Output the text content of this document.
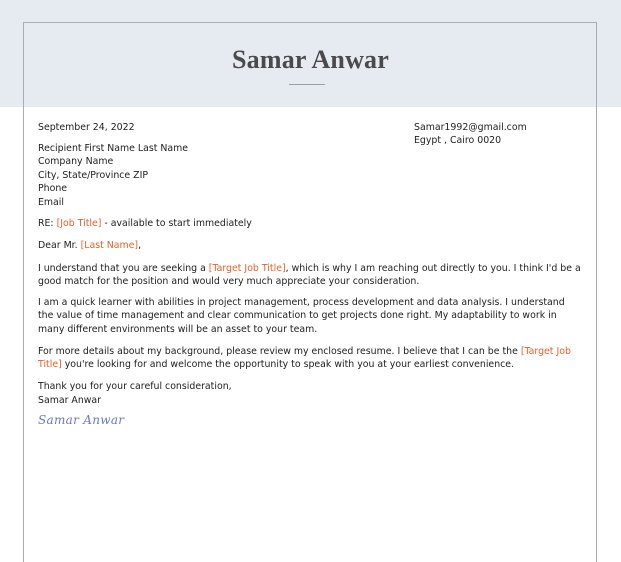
Samar Anwar
September 24, 2022	Samar1992@gmail.com
Egypt , Cairo 0020
Recipient First Name Last Name
Company Name
City, State/Province ZIP
Phone
Email
RE: [Job Title] - available to start immediately
Dear Mr. [Last Name],
I understand that you are seeking a [Target Job Title], which is why I am reaching out directly to you. I think I'd be a good match for the position and would very much appreciate your consideration.
I am a quick learner with abilities in project management, process development and data analysis. I understand the value of time management and clear communication to get projects done right. My adaptability to work in many different environments will be an asset to your team.
For more details about my background, please review my enclosed resume. I believe that I can be the [Target Job Title] you're looking for and welcome the opportunity to speak with you at your earliest convenience.
Thank you for your careful consideration,
Samar Anwar
Samar Anwar
